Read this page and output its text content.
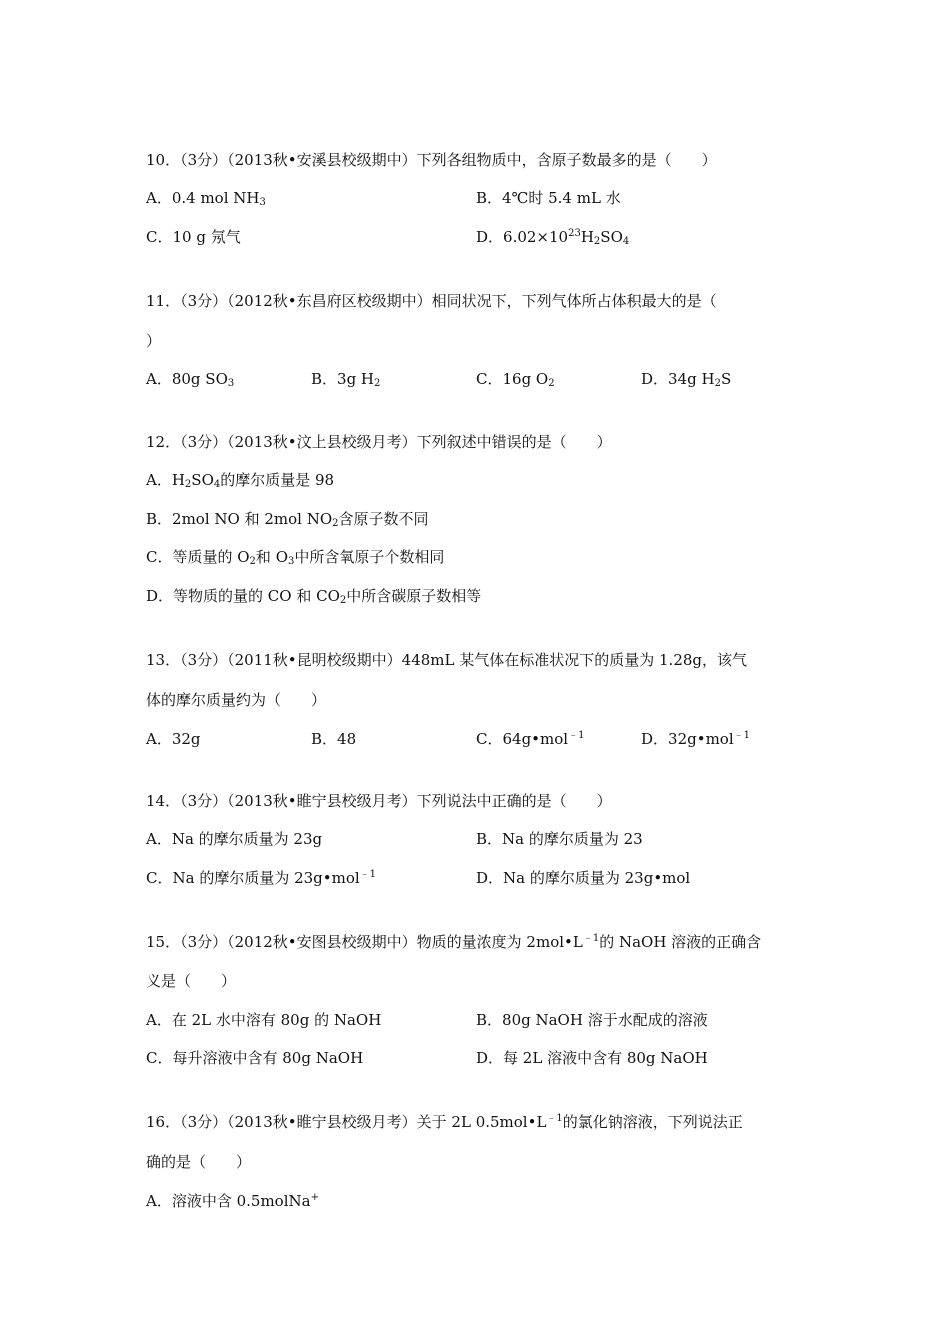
10．（3分）（2013秋•安溪县校级期中）下列各组物质中，含原子数最多的是（　　）

A．0.4 mol $NH_3$	B．4℃时 5.4 mL 水
C．10 g 氖气	D．$6.02\times 10^{23}H_2SO_4$

11．（3分）（2012秋•东昌府区校级期中）相同状况下，下列气体所占体积最大的是（

）

A．80g $SO_3$	B．3g $H_2$	C．16g $O_2$	D．34g $H_2S$

12．（3分）（2013秋•汶上县校级月考）下列叙述中错误的是（　　）

A．$H_2SO_4$的摩尔质量是 98

B．2mol NO 和 2mol $NO_2$含原子数不同

C．等质量的 $O_2$和 $O_3$中所含氧原子个数相同

D．等物质的量的 CO 和 $CO_2$中所含碳原子数相等

13．（3分）（2011秋•昆明校级期中）448mL 某气体在标准状况下的质量为 1.28g，该气

体的摩尔质量约为（　　）

A．32g	B．48	C．64g•mol$^{﹣1}$	D．32g•mol$^{﹣1}$

14．（3分）（2013秋•睢宁县校级月考）下列说法中正确的是（　　）

A．Na 的摩尔质量为 23g	B．Na 的摩尔质量为 23
C．Na 的摩尔质量为 23g•mol$^{﹣1}$	D．Na 的摩尔质量为 23g•mol

15．（3分）（2012秋•安图县校级期中）物质的量浓度为 $2mol•L^{﹣1}$的 NaOH 溶液的正确含

义是（　　）

A．在 2L 水中溶有 80g 的 NaOH	B．80g NaOH 溶于水配成的溶液
C．每升溶液中含有 80g NaOH	D．每 2L 溶液中含有 80g NaOH

16．（3分）（2013秋•睢宁县校级月考）关于 2L $0.5mol•L^{﹣1}$的氯化钠溶液，下列说法正

确的是（　　）

A．溶液中含 0.5molNa+
